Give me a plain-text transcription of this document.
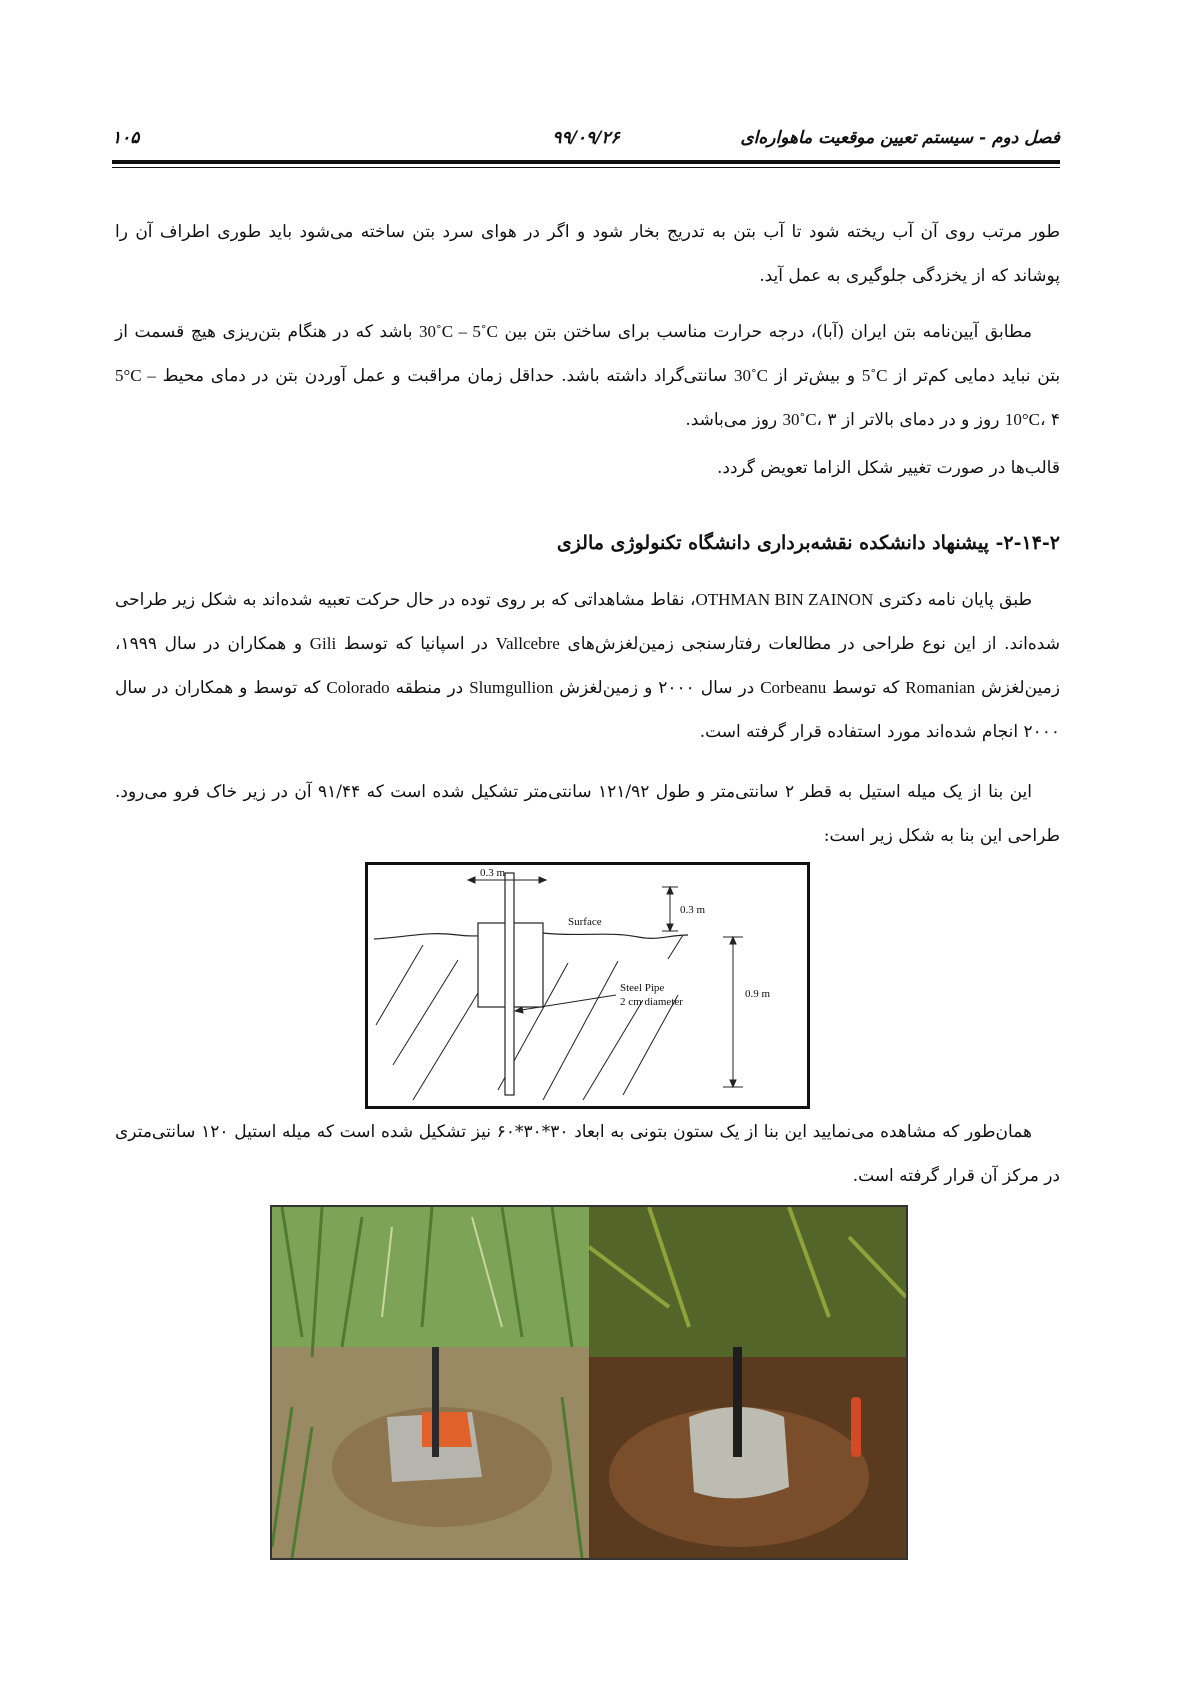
۱۰۵	۹۹/۰۹/۲۶	فصل دوم - سیستم تعیین موقعیت ماهواره‌ای
طور مرتب روی آن آب ریخته شود تا آب بتن به تدریج بخار شود و اگر در هوای سرد بتن ساخته می‌شود باید طوری اطراف آن را پوشاند که از یخزدگی جلوگیری به عمل آید.
مطابق آیین‌نامه بتن ایران (آبا)، درجه حرارت مناسب برای ساختن بتن بین 30˚C – 5˚C باشد که در هنگام بتن‌ریزی هیچ قسمت از بتن نباید دمایی کم‌تر از 5˚C و بیش‌تر از 30˚C سانتی‌گراد داشته باشد. حداقل زمان مراقبت و عمل آوردن بتن در دمای محیط 5°C – 10°C، ۴ روز و در دمای بالاتر از 30˚C، ۳ روز می‌باشد.
قالب‌ها در صورت تغییر شکل الزاما تعویض گردد.
۲-۱۴-۲- پیشنهاد دانشکده نقشه‌برداری دانشگاه تکنولوژی مالزی
طبق پایان نامه دکتری OTHMAN BIN ZAINON، نقاط مشاهداتی که بر روی توده در حال حرکت تعبیه شده‌اند به شکل زیر طراحی شده‌اند. از این نوع طراحی در مطالعات رفتارسنجی زمین‌لغزش‌های Vallcebre در اسپانیا که توسط Gili و همکاران در سال ۱۹۹۹، زمین‌لغزش Romanian که توسط Corbeanu در سال ۲۰۰۰ و زمین‌لغزش Slumgullion در منطقه Colorado که توسط و همکاران در سال ۲۰۰۰ انجام شده‌اند مورد استفاده قرار گرفته است.
این بنا از یک میله استیل به قطر ۲ سانتی‌متر و طول ۱۲۱/۹۲ سانتی‌متر تشکیل شده است که ۹۱/۴۴ آن در زیر خاک فرو می‌رود. طراحی این بنا به شکل زیر است:
0.3 m
0.3 m
Surface
Steel Pipe
2 cm diameter
0.9 m
همان‌طور که مشاهده می‌نمایید این بنا از یک ستون بتونی به ابعاد ۳۰*۳۰*۶۰ نیز تشکیل شده است که میله استیل ۱۲۰ سانتی‌متری در مرکز آن قرار گرفته است.
